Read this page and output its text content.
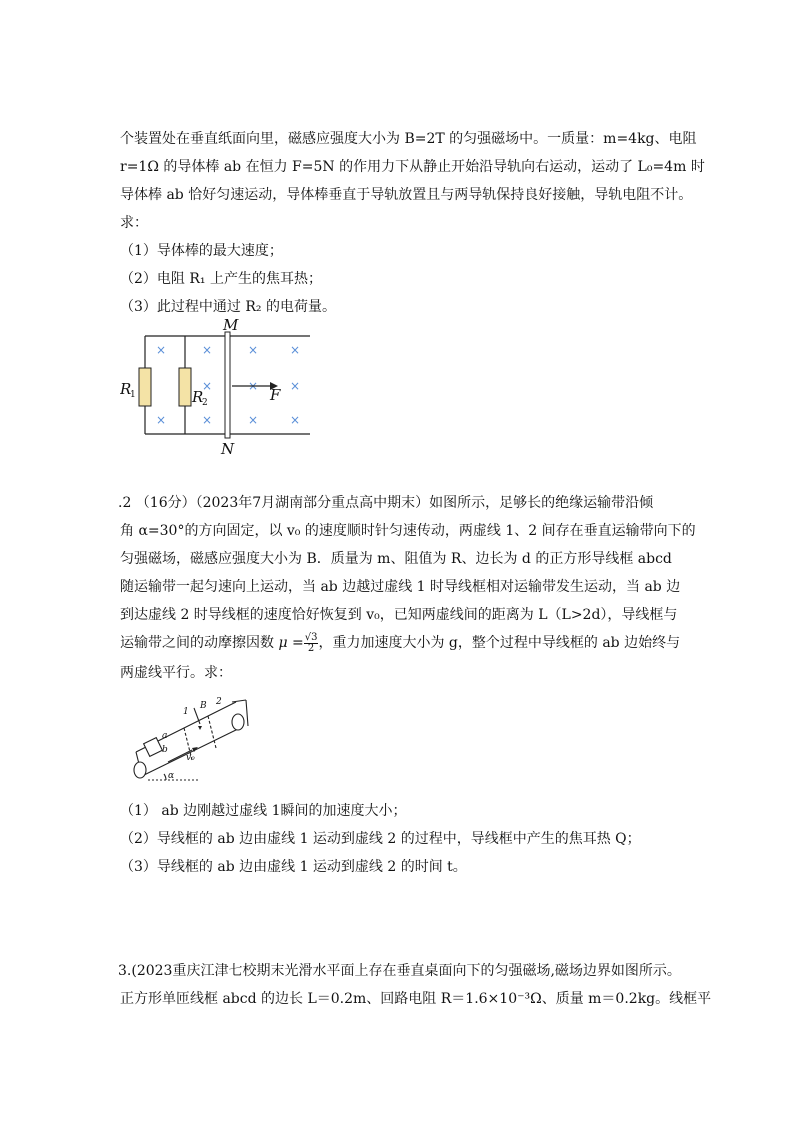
个装置处在垂直纸面向里，磁感应强度大小为 B=2T 的匀强磁场中。一质量：m=4kg、电阻
r=1Ω 的导体棒 ab 在恒力 F=5N 的作用力下从静止开始沿导轨向右运动，运动了 L₀=4m 时
导体棒 ab 恰好匀速运动，导体棒垂直于导轨放置且与两导轨保持良好接触，导轨电阻不计。
求：
（1）导体棒的最大速度；
（2）电阻 R₁ 上产生的焦耳热；
（3）此过程中通过 R₂ 的电荷量。
×	×	×	×
×	×	×
×	×	×	×
M
N
R	R	F
1
2
.2 （16分）（2023年7月湖南部分重点高中期末）如图所示，足够长的绝缘运输带沿倾
角 α=30°的方向固定，以 v₀ 的速度顺时针匀速传动，两虚线 1、2 间存在垂直运输带向下的
匀强磁场，磁感应强度大小为 B．质量为 m、阻值为 R、边长为 d 的正方形导线框 abcd
随运输带一起匀速向上运动，当 ab 边越过虚线 1 时导线框相对运输带发生运动，当 ab 边
到达虚线 2 时导线框的速度恰好恢复到 v₀，已知两虚线间的距离为 L（L>2d），导线框与
运输带之间的动摩擦因数 $\mu = \frac{√3}{2}$ ，重力加速度大小为 g，整个过程中导线框的 ab 边始终与
两虚线平行。求：
1
2
B
a
b
v₀
α
（1） ab 边刚越过虚线 1瞬间的加速度大小；
（2）导线框的 ab 边由虚线 1 运动到虚线 2 的过程中，导线框中产生的焦耳热 Q；
（3）导线框的 ab 边由虚线 1 运动到虚线 2 的时间 t。
3.(2023重庆江津七校期末光滑水平面上存在垂直桌面向下的匀强磁场,磁场边界如图所示。
正方形单匝线框 abcd 的边长 L＝0.2m、回路电阻 R＝1.6×10⁻³Ω、质量 m＝0.2kg。线框平
